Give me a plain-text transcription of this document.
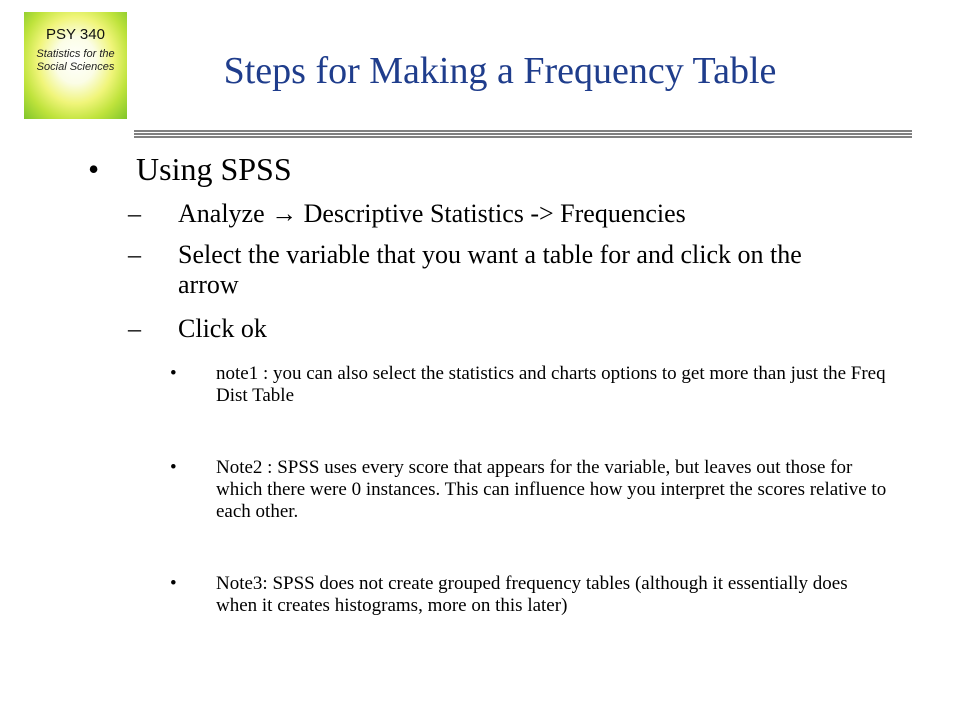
PSY 340
Statistics for the
Social Sciences	Steps for Making a Frequency Table
• Using SPSS
– Analyze → Descriptive Statistics -> Frequencies
– Select the variable that you want a table for and click on the arrow
– Click ok
• note1 : you can also select the statistics and charts options to get more than just the Freq Dist Table
• Note2 : SPSS uses every score that appears for the variable, but leaves out those for which there were 0 instances. This can influence how you interpret the scores relative to each other.
• Note3: SPSS does not create grouped frequency tables (although it essentially does when it creates histograms, more on this later)
